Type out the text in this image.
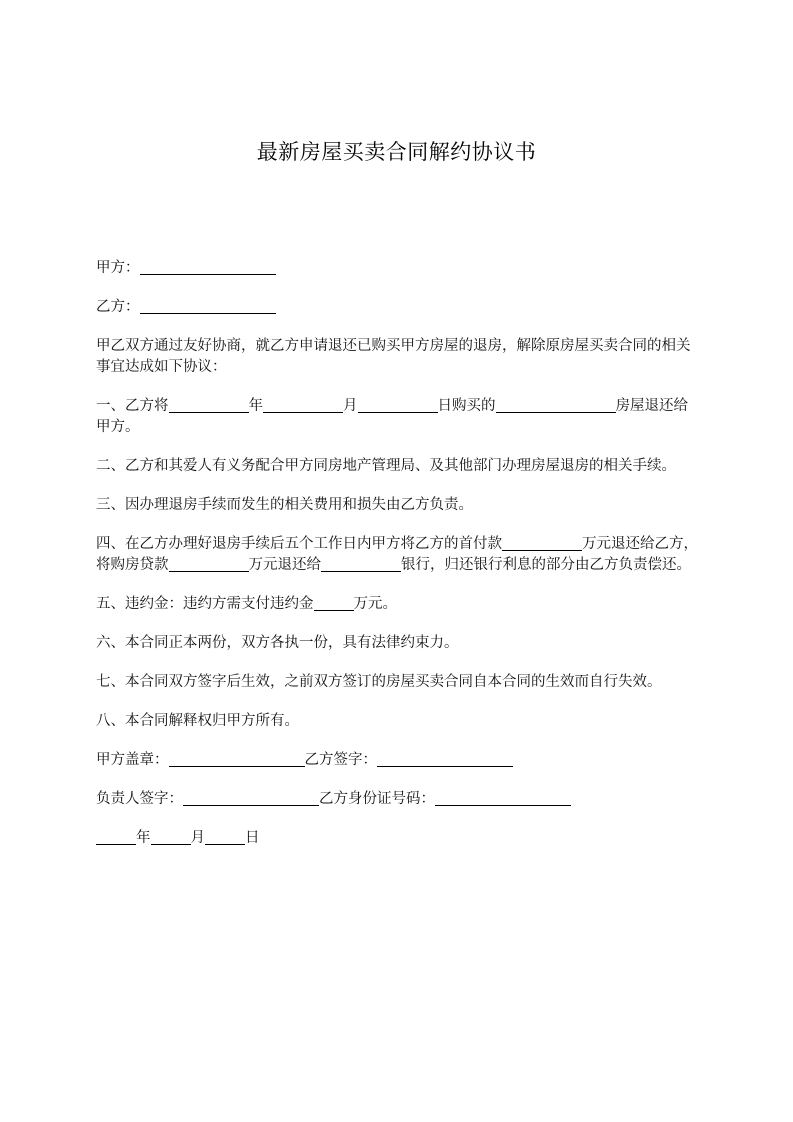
最新房屋买卖合同解约协议书

甲方：

乙方：

甲乙双方通过友好协商，就乙方申请退还已购买甲方房屋的退房，解除原房屋买卖合同的相关事宜达成如下协议：

一、乙方将	年	月	日购买的	房屋退还给甲方。

二、乙方和其爱人有义务配合甲方同房地产管理局、及其他部门办理房屋退房的相关手续。

三、因办理退房手续而发生的相关费用和损失由乙方负责。

四、在乙方办理好退房手续后五个工作日内甲方将乙方的首付款	万元退还给乙方，将购房贷款	万元退还给	银行，归还银行利息的部分由乙方负责偿还。

五、违约金：违约方需支付违约金	万元。

六、本合同正本两份，双方各执一份，具有法律约束力。

七、本合同双方签字后生效，之前双方签订的房屋买卖合同自本合同的生效而自行失效。

八、本合同解释权归甲方所有。

甲方盖章：	乙方签字：

负责人签字：	乙方身份证号码：

年	月	日
